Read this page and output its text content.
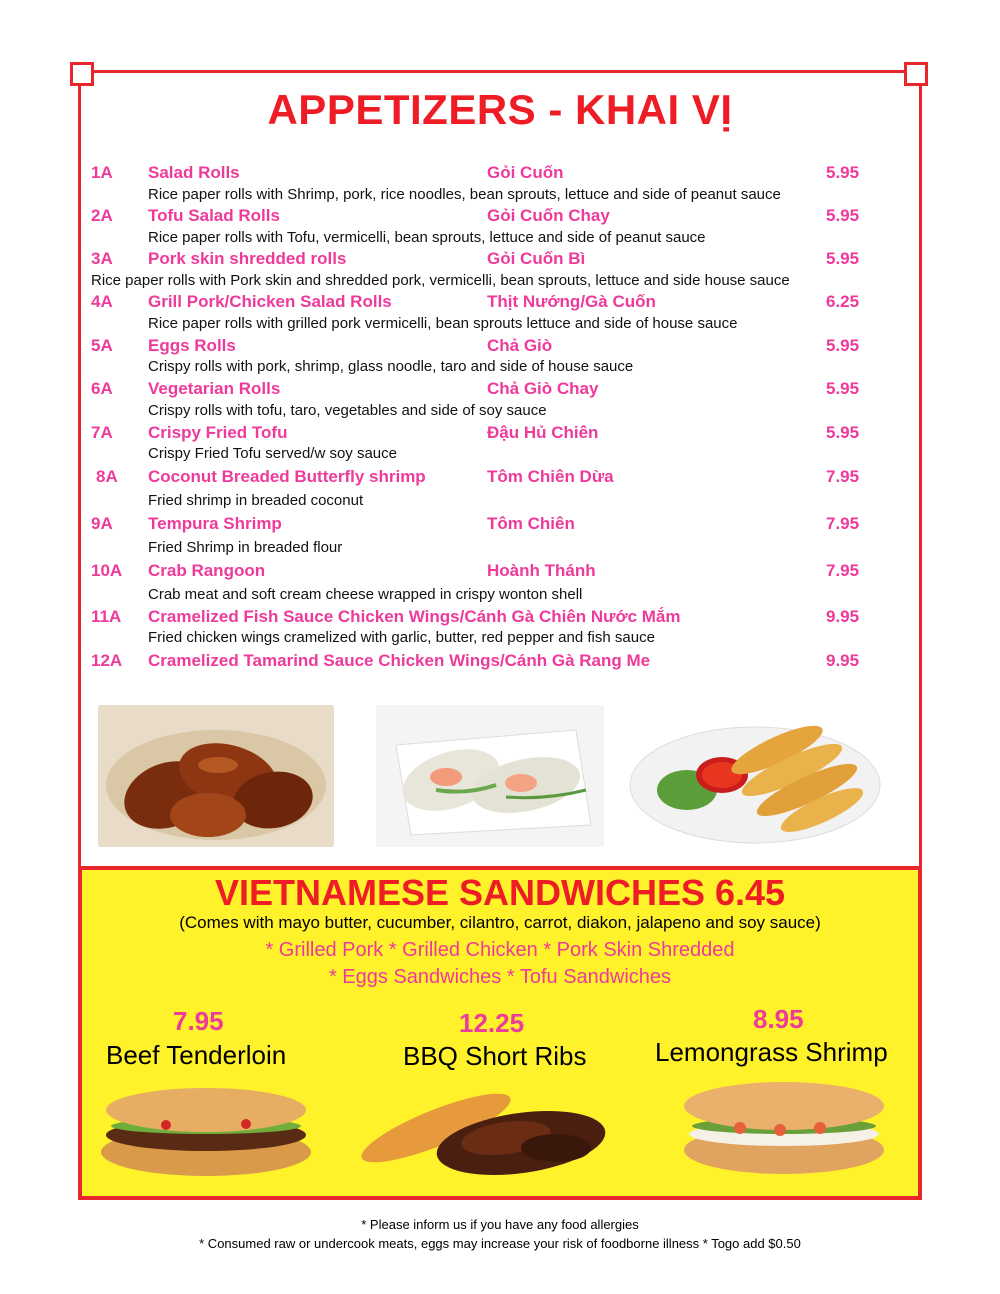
APPETIZERS - KHAI VỊ
1A Salad Rolls	Gỏi Cuốn	5.95
Rice paper rolls with Shrimp, pork, rice noodles, bean sprouts, lettuce and side of peanut sauce
2A Tofu Salad Rolls	Gỏi Cuốn Chay	5.95
Rice paper rolls with Tofu, vermicelli, bean sprouts, lettuce and side of peanut sauce
3A Pork skin shredded rolls	Gỏi Cuốn Bì	5.95
Rice paper rolls with Pork skin and shredded pork, vermicelli, bean sprouts, lettuce and side house sauce
4A Grill Pork/Chicken Salad Rolls	Thịt Nướng/Gà Cuốn	6.25
Rice paper rolls with grilled pork vermicelli, bean sprouts lettuce and side of house sauce
5A Eggs Rolls	Chả Giò	5.95
Crispy rolls with pork, shrimp, glass noodle, taro and side of house sauce
6A Vegetarian Rolls	Chả Giò Chay	5.95
Crispy rolls with tofu, taro, vegetables and side of soy sauce
7A Crispy Fried Tofu	Đậu Hủ Chiên	5.95
Crispy Fried Tofu served/w soy sauce
8A Coconut Breaded Butterfly shrimp	Tôm Chiên Dừa	7.95
Fried shrimp in breaded coconut
9A Tempura Shrimp	Tôm Chiên	7.95
Fried Shrimp in breaded flour
10A Crab Rangoon	Hoành Thánh	7.95
Crab meat and soft cream cheese wrapped in crispy wonton shell
11A Cramelized Fish Sauce Chicken Wings/Cánh Gà Chiên Nước Mắm	9.95
Fried chicken wings cramelized with garlic, butter, red pepper and fish sauce
12A Cramelized Tamarind Sauce Chicken Wings/Cánh Gà Rang Me	9.95
VIETNAMESE SANDWICHES 6.45
(Comes with mayo butter, cucumber, cilantro, carrot, diakon, jalapeno and soy sauce)
* Grilled Pork * Grilled Chicken * Pork Skin Shredded
* Eggs Sandwiches * Tofu Sandwiches
7.95
Beef Tenderloin
12.25
BBQ Short Ribs
8.95
Lemongrass Shrimp
* Please inform us if you have any food allergies
* Consumed raw or undercook meats, eggs may increase your risk of foodborne illness * Togo add $0.50
